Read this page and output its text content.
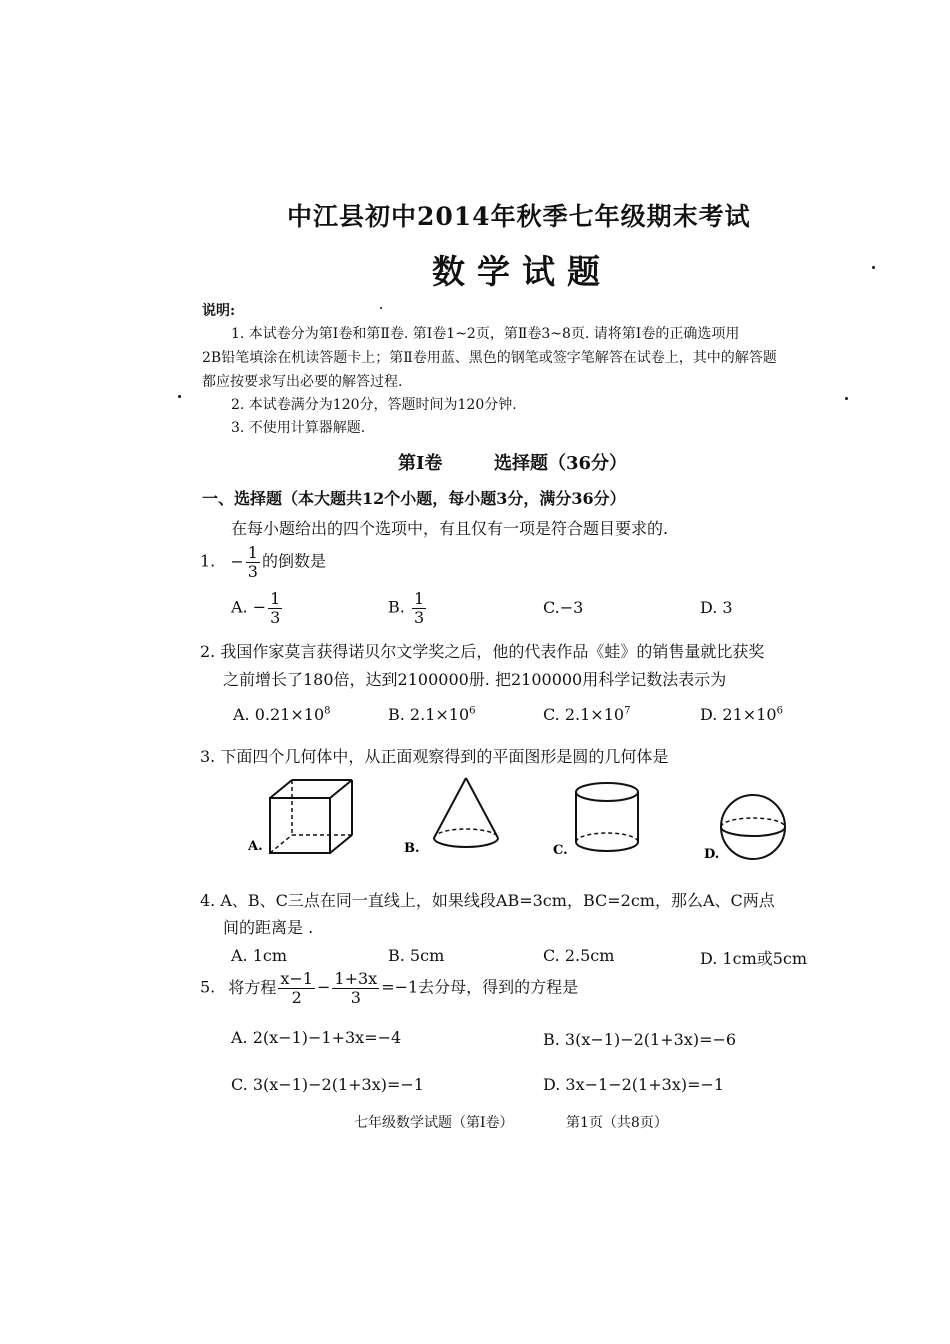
中江县初中2014年秋季七年级期末考试
数学试题
说明:
1. 本试卷分为第Ⅰ卷和第Ⅱ卷. 第Ⅰ卷1~2页，第Ⅱ卷3~8页. 请将第Ⅰ卷的正确选项用
2B铅笔填涂在机读答题卡上；第Ⅱ卷用蓝、黑色的钢笔或签字笔解答在试卷上，其中的解答题
都应按要求写出必要的解答过程.
2. 本试卷满分为120分，答题时间为120分钟.
3. 不使用计算器解题.
第Ⅰ卷	选择题（36分）
一、选择题（本大题共12个小题，每小题3分，满分36分）
在每小题给出的四个选项中，有且仅有一项是符合题目要求的.
1. − $\frac{1}{3}$ 的倒数是
A. − $\frac{1}{3}$	B. $\frac{1}{3}$	C.−3	D. 3
2. 我国作家莫言获得诺贝尔文学奖之后，他的代表作品《蛙》的销售量就比获奖
之前增长了180倍，达到2100000册. 把2100000用科学记数法表示为
A. $0.21\times 10^8$	B. $2.1\times 10^6$	C. $2.1\times 10^7$	D. $21\times 10^6$
3. 下面四个几何体中，从正面观察得到的平面图形是圆的几何体是
A.	B.	C.	D.
4. A、B、C三点在同一直线上，如果线段AB=3cm，BC=2cm，那么A、C两点
间的距离是 .
A. 1cm	B. 5cm	C. 2.5cm	D. 1cm或5cm
5. 将方程 $\frac{x-1}{2} - \frac{1+3x}{3} =-1$去分母，得到的方程是
A. 2(x−1)−1+3x=−4	B. 3(x−1)−2(1+3x)=−6
C. 3(x−1)−2(1+3x)=−1	D. 3x−1−2(1+3x)=−1
七年级数学试题（第Ⅰ卷）	第1页（共8页）
